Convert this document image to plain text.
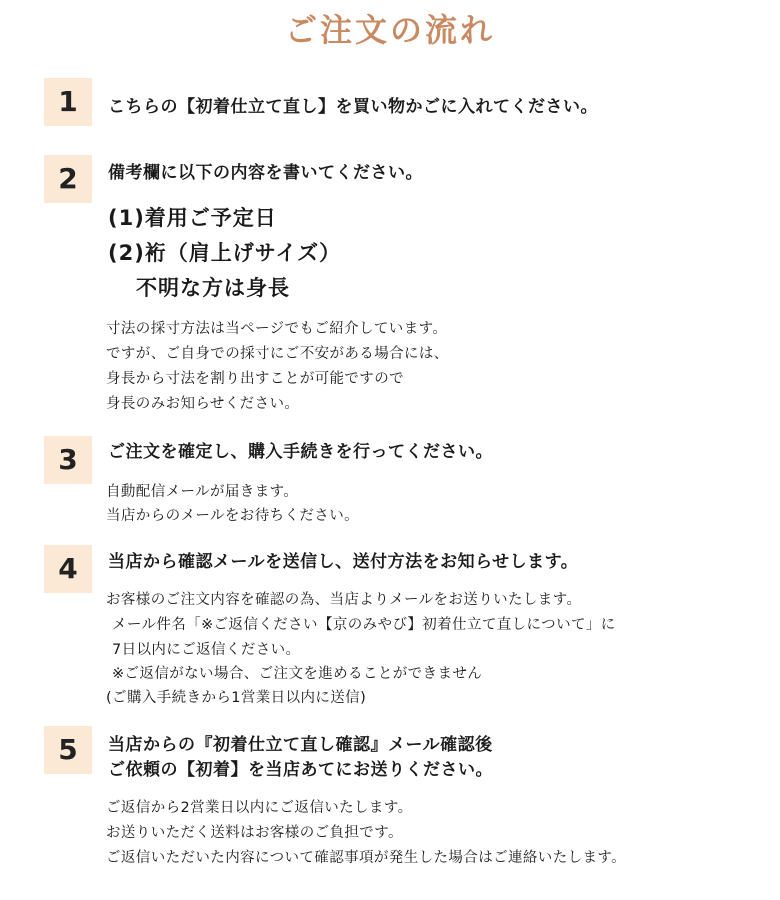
ご注文の流れ
1	こちらの【初着仕立て直し】を買い物かごに入れてください。
2	備考欄に以下の内容を書いてください。
(1)着用ご予定日
(2)裄（肩上げサイズ）
不明な方は身長
寸法の採寸方法は当ページでもご紹介しています。
ですが、ご自身での採寸にご不安がある場合には、
身長から寸法を割り出すことが可能ですので
身長のみお知らせください。
3	ご注文を確定し、購入手続きを行ってください。
自動配信メールが届きます。
当店からのメールをお待ちください。
4	当店から確認メールを送信し、送付方法をお知らせします。
お客様のご注文内容を確認の為、当店よりメールをお送りいたします。
メール件名「※ご返信ください【京のみやび】初着仕立て直しについて」に
7日以内にご返信ください。
※ご返信がない場合、ご注文を進めることができません
(ご購入手続きから1営業日以内に送信)
5	当店からの『初着仕立て直し確認』メール確認後
ご依頼の【初着】を当店あてにお送りください。
ご返信から2営業日以内にご返信いたします。
お送りいただく送料はお客様のご負担です。
ご返信いただいた内容について確認事項が発生した場合はご連絡いたします。
